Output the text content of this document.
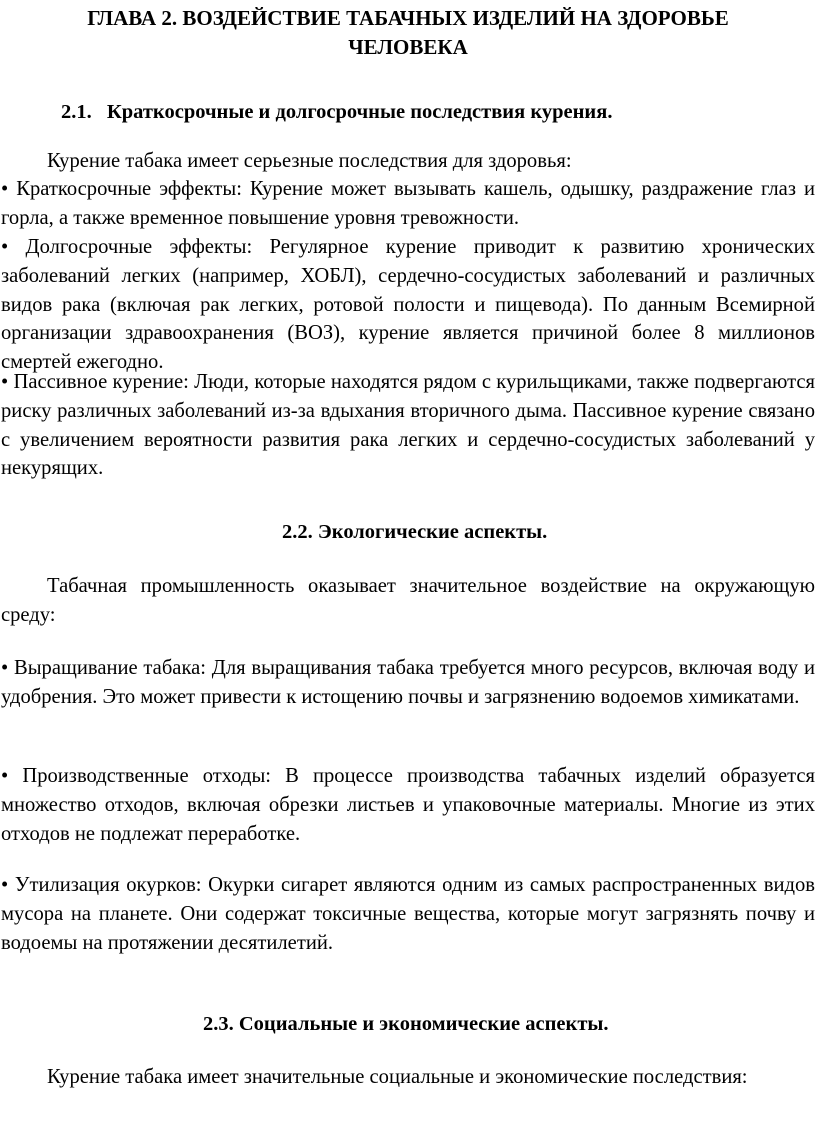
ГЛАВА 2. ВОЗДЕЙСТВИЕ ТАБАЧНЫХ ИЗДЕЛИЙ НА ЗДОРОВЬЕ ЧЕЛОВЕКА
2.1. Краткосрочные и долгосрочные последствия курения.
Курение табака имеет серьезные последствия для здоровья:
• Краткосрочные эффекты: Курение может вызывать кашель, одышку, раздражение глаз и горла, а также временное повышение уровня тревожности.
• Долгосрочные эффекты: Регулярное курение приводит к развитию хронических заболеваний легких (например, ХОБЛ), сердечно-сосудистых заболеваний и различных видов рака (включая рак легких, ротовой полости и пищевода). По данным Всемирной организации здравоохранения (ВОЗ), курение является причиной более 8 миллионов смертей ежегодно.
• Пассивное курение: Люди, которые находятся рядом с курильщиками, также подвергаются риску различных заболеваний из-за вдыхания вторичного дыма. Пассивное курение связано с увеличением вероятности развития рака легких и сердечно-сосудистых заболеваний у некурящих.
2.2. Экологические аспекты.
Табачная промышленность оказывает значительное воздействие на окружающую среду:
• Выращивание табака: Для выращивания табака требуется много ресурсов, включая воду и удобрения. Это может привести к истощению почвы и загрязнению водоемов химикатами.
• Производственные отходы: В процессе производства табачных изделий образуется множество отходов, включая обрезки листьев и упаковочные материалы. Многие из этих отходов не подлежат переработке.
• Утилизация окурков: Окурки сигарет являются одним из самых распространенных видов мусора на планете. Они содержат токсичные вещества, которые могут загрязнять почву и водоемы на протяжении десятилетий.
2.3. Социальные и экономические аспекты.
Курение табака имеет значительные социальные и экономические последствия:
